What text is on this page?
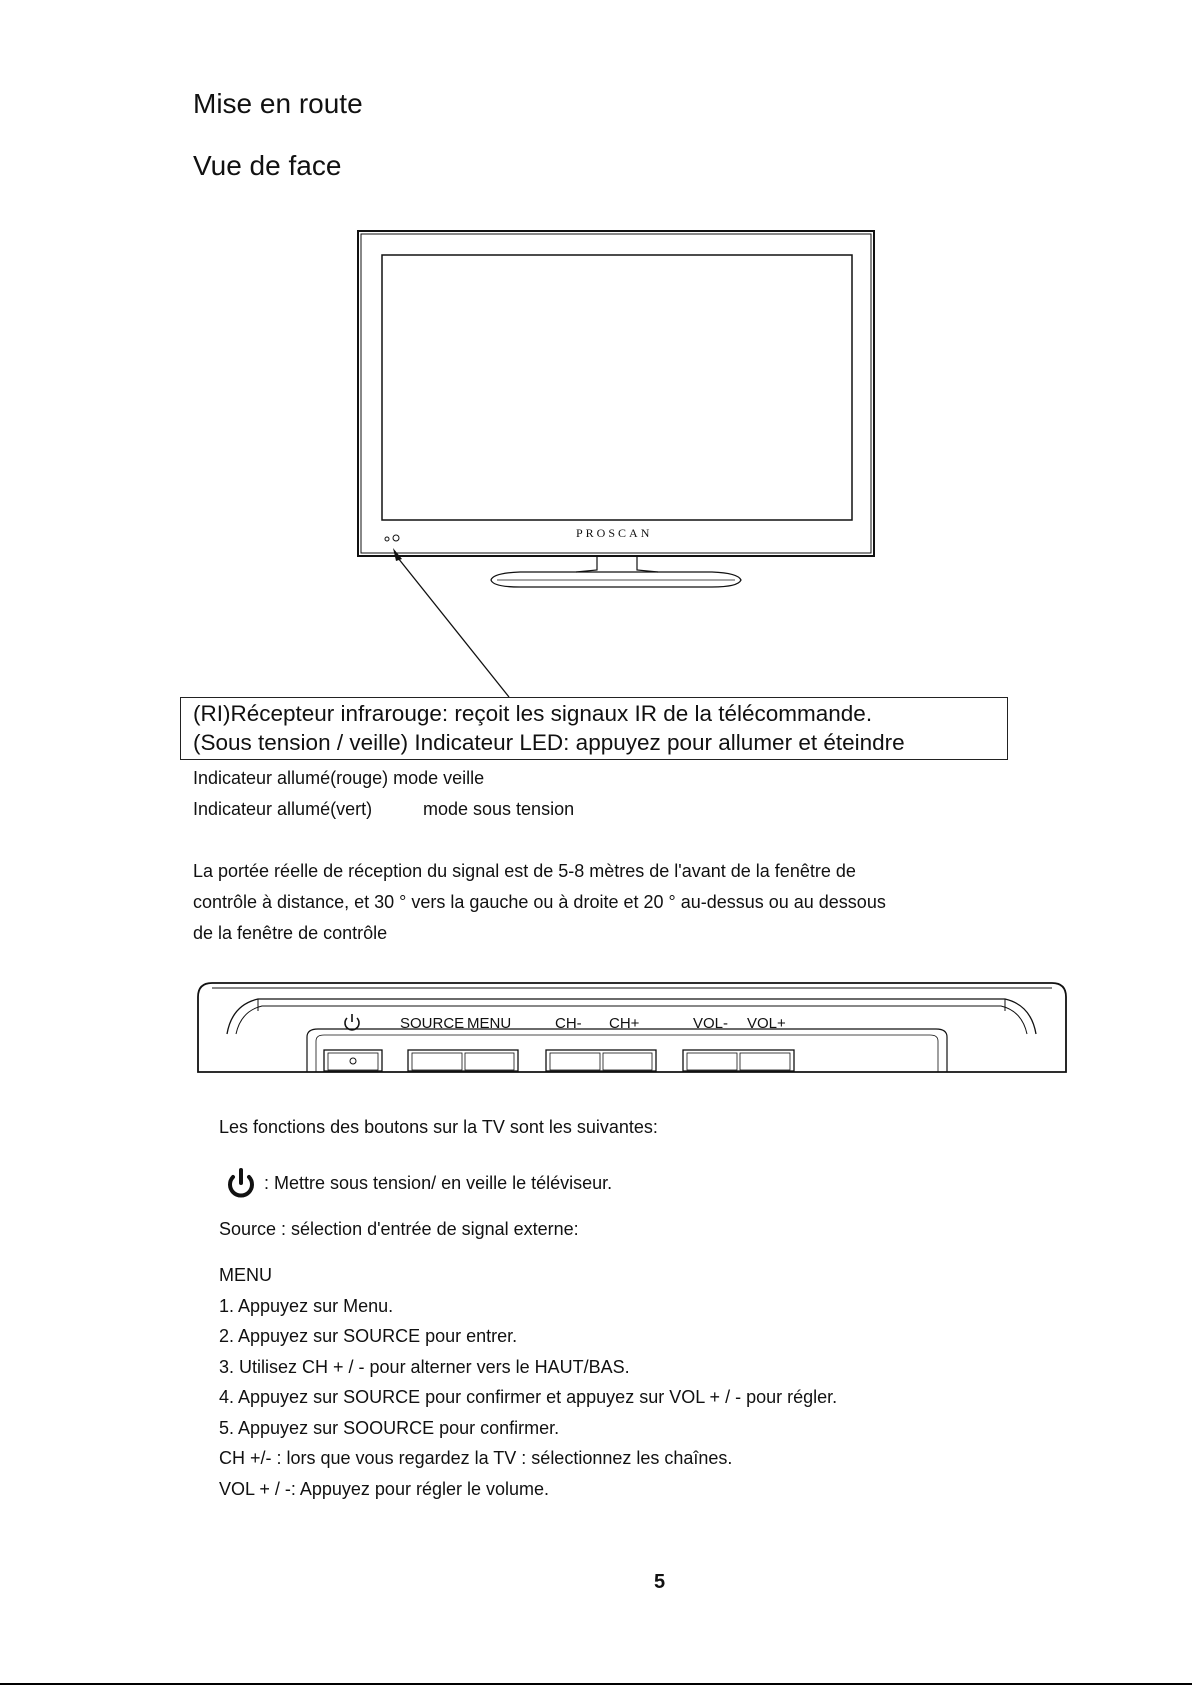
Mise en route
Vue de face
PROSCAN
(RI)Récepteur infrarouge: reçoit les signaux IR de la télécommande.
(Sous tension / veille) Indicateur LED: appuyez pour allumer et éteindre
Indicateur allumé(rouge) mode veille
Indicateur allumé(vert)	mode sous tension
La portée réelle de réception du signal est de 5-8 mètres de l'avant de la fenêtre de
contrôle à distance, et 30 ° vers la gauche ou à droite et 20 ° au-dessus ou au dessous
de la fenêtre de contrôle
SOURCE MENU	CH- CH+	VOL- VOL+
Les fonctions des boutons sur la TV sont les suivantes:
: Mettre sous tension/ en veille le téléviseur.
Source : sélection d'entrée de signal externe:
MENU
1. Appuyez sur Menu.
2. Appuyez sur SOURCE pour entrer.
3. Utilisez CH + / - pour alterner vers le HAUT/BAS.
4. Appuyez sur SOURCE pour confirmer et appuyez sur VOL + / - pour régler.
5. Appuyez sur SOOURCE pour confirmer.
CH +/- : lors que vous regardez la TV : sélectionnez les chaînes.
VOL + / -: Appuyez pour régler le volume.
5
